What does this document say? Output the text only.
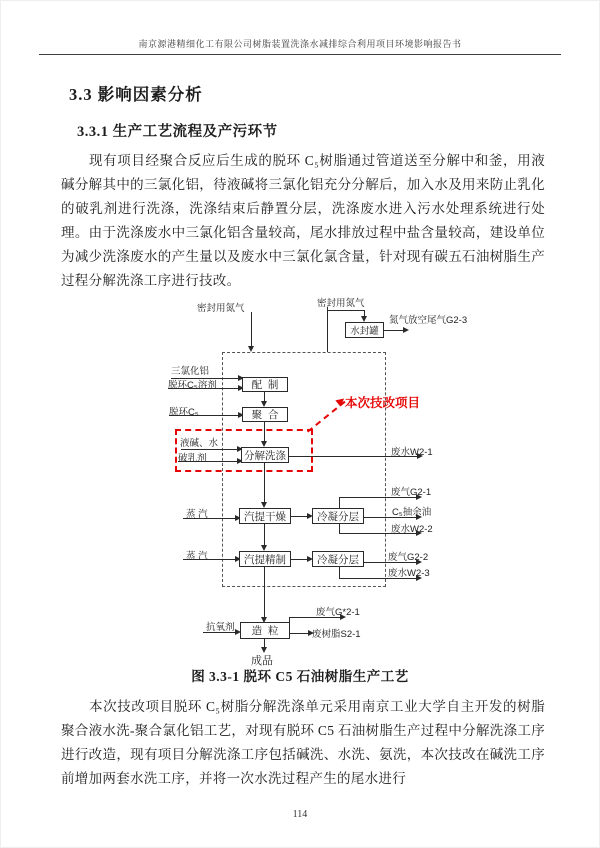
南京源港精细化工有限公司树脂装置洗涤水减排综合利用项目环境影响报告书
3.3 影响因素分析
3.3.1 生产工艺流程及产污环节
现有项目经聚合反应后生成的脱环 C₅树脂通过管道送至分解中和釜，用液碱分解其中的三氯化铝，待液碱将三氯化铝充分分解后，加入水及用来防止乳化的破乳剂进行洗涤，洗涤结束后静置分层，洗涤废水进入污水处理系统进行处理。由于洗涤废水中三氯化铝含量较高，尾水排放过程中盐含量较高，建设单位为减少洗涤废水的产生量以及废水中三氯化氯含量，针对现有碳五石油树脂生产过程分解洗涤工序进行技改。
本次技改项目
密封用氮气	密封用氮气
水封罐
氮气放空尾气G2-3
三氯化铝
脱环C₅溶剂	配  制
脱环C₅	聚  合
液碱、水
破乳剂	分解洗涤	废水W2-1
蒸 汽	汽提干燥	冷凝分层
废气G2-1
C₅抽余油
废水W2-2
蒸 汽	汽提精制	冷凝分层	废气G2-2
废水W2-3
抗氧剂	造  粒
废气G*2-1
废树脂S2-1
成品
图 3.3-1 脱环 C5 石油树脂生产工艺
本次技改项目脱环 C₅树脂分解洗涤单元采用南京工业大学自主开发的树脂聚合液水洗-聚合氯化铝工艺，对现有脱环 C5 石油树脂生产过程中分解洗涤工序进行改造，现有项目分解洗涤工序包括碱洗、水洗、氨洗，本次技改在碱洗工序前增加两套水洗工序，并将一次水洗过程产生的尾水进行
114
